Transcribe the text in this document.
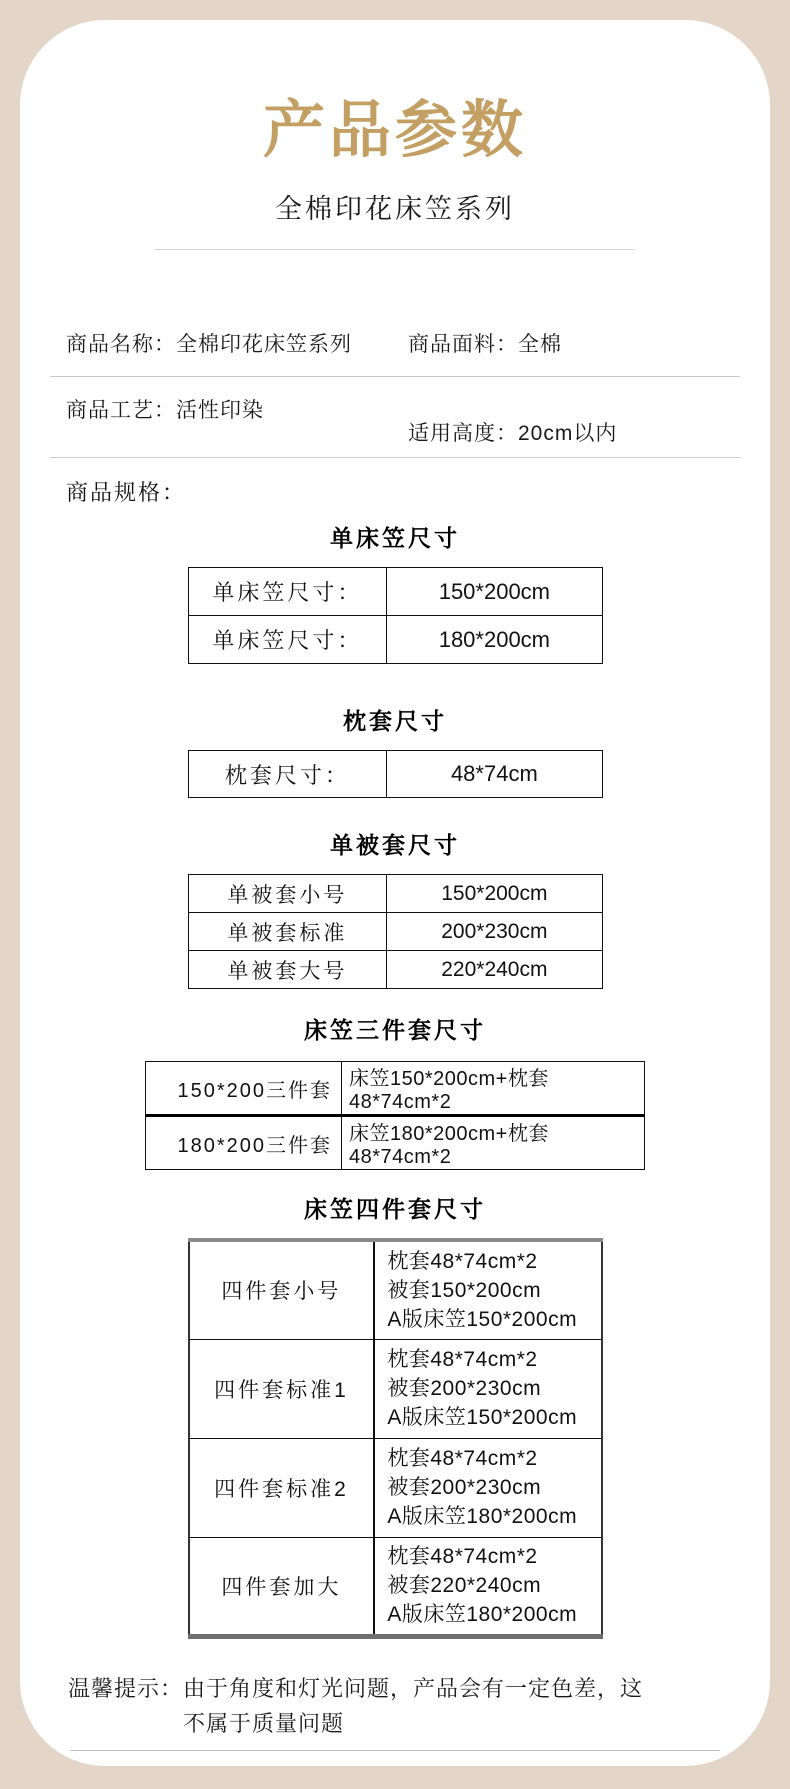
产品参数
全棉印花床笠系列
商品名称：全棉印花床笠系列	商品面料：全棉
商品工艺：活性印染
适用高度：20cm以内
商品规格：
单床笠尺寸
单床笠尺寸：	150*200cm
单床笠尺寸：	180*200cm
枕套尺寸
枕套尺寸：	48*74cm
单被套尺寸
单被套小号	150*200cm
单被套标准	200*230cm
单被套大号	220*240cm
床笠三件套尺寸
150*200三件套	床笠150*200cm+枕套48*74cm*2
180*200三件套	床笠180*200cm+枕套48*74cm*2
床笠四件套尺寸
四件套小号	枕套48*74cm*2
被套150*200cm
A版床笠150*200cm

四件套标准1	枕套48*74cm*2
被套200*230cm
A版床笠150*200cm

四件套标准2	枕套48*74cm*2
被套200*230cm
A版床笠180*200cm

四件套加大	枕套48*74cm*2
被套220*240cm
A版床笠180*200cm
温馨提示： 由于角度和灯光问题，产品会有一定色差，这
不属于质量问题
